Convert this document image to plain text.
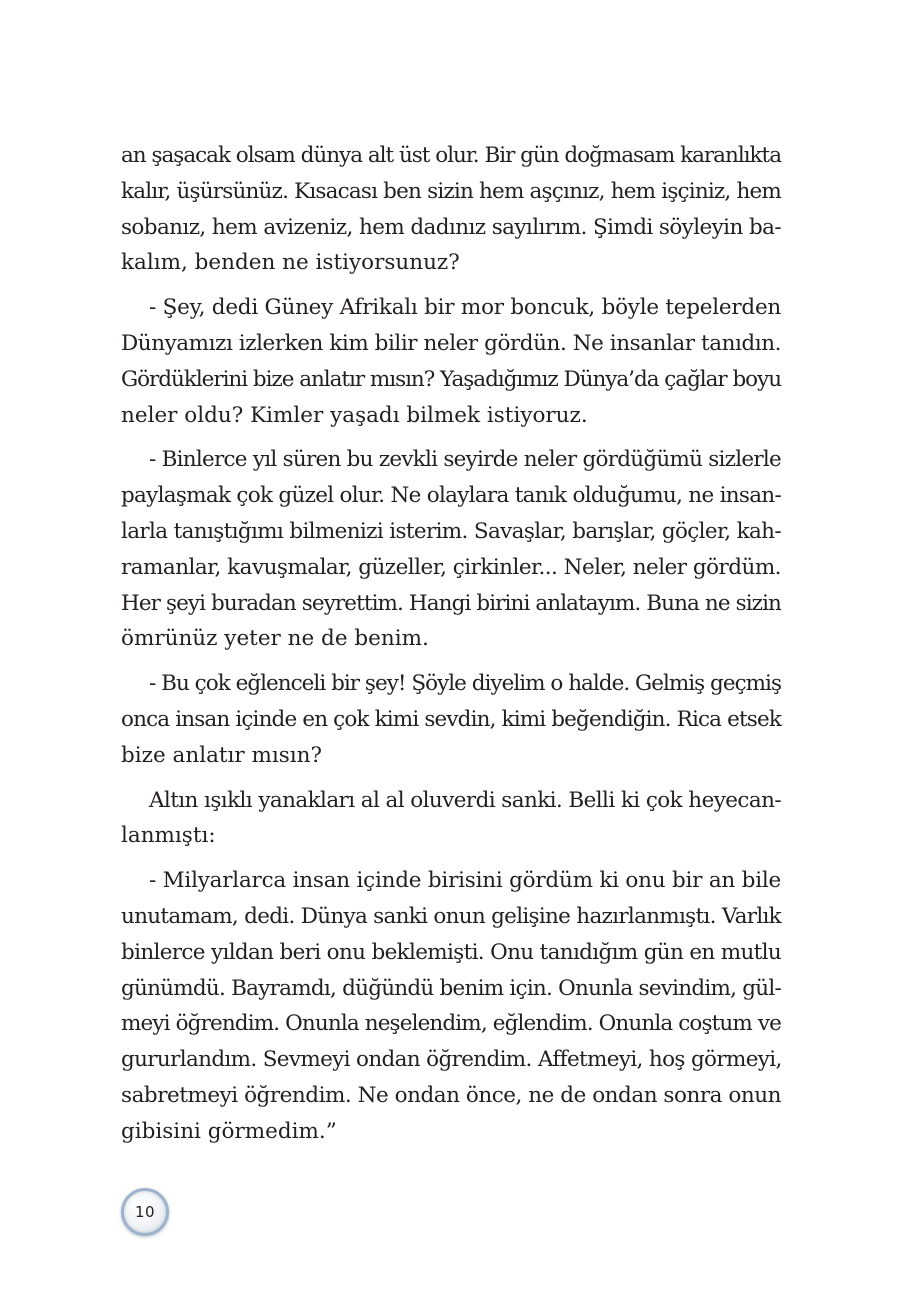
an şaşacak olsam dünya alt üst olur. Bir gün doğmasam karanlıkta
kalır, üşürsünüz. Kısacası ben sizin hem aşçınız, hem işçiniz, hem
sobanız, hem avizeniz, hem dadınız sayılırım. Şimdi söyleyin ba-
kalım, benden ne istiyorsunuz?

- Şey, dedi Güney Afrikalı bir mor boncuk, böyle tepelerden
Dünyamızı izlerken kim bilir neler gördün. Ne insanlar tanıdın.
Gördüklerini bize anlatır mısın? Yaşadığımız Dünya’da çağlar boyu
neler oldu? Kimler yaşadı bilmek istiyoruz.

- Binlerce yıl süren bu zevkli seyirde neler gördüğümü sizlerle
paylaşmak çok güzel olur. Ne olaylara tanık olduğumu, ne insan-
larla tanıştığımı bilmenizi isterim. Savaşlar, barışlar, göçler, kah-
ramanlar, kavuşmalar, güzeller, çirkinler... Neler, neler gördüm.
Her şeyi buradan seyrettim. Hangi birini anlatayım. Buna ne sizin
ömrünüz yeter ne de benim.

- Bu çok eğlenceli bir şey! Şöyle diyelim o halde. Gelmiş geçmiş
onca insan içinde en çok kimi sevdin, kimi beğendiğin. Rica etsek
bize anlatır mısın?

Altın ışıklı yanakları al al oluverdi sanki. Belli ki çok heyecan-
lanmıştı:

- Milyarlarca insan içinde birisini gördüm ki onu bir an bile
unutamam, dedi. Dünya sanki onun gelişine hazırlanmıştı. Varlık
binlerce yıldan beri onu beklemişti. Onu tanıdığım gün en mutlu
günümdü. Bayramdı, düğündü benim için. Onunla sevindim, gül-
meyi öğrendim. Onunla neşelendim, eğlendim. Onunla coştum ve
gururlandım. Sevmeyi ondan öğrendim. Affetmeyi, hoş görmeyi,
sabretmeyi öğrendim. Ne ondan önce, ne de ondan sonra onun
gibisini görmedim.”

10
